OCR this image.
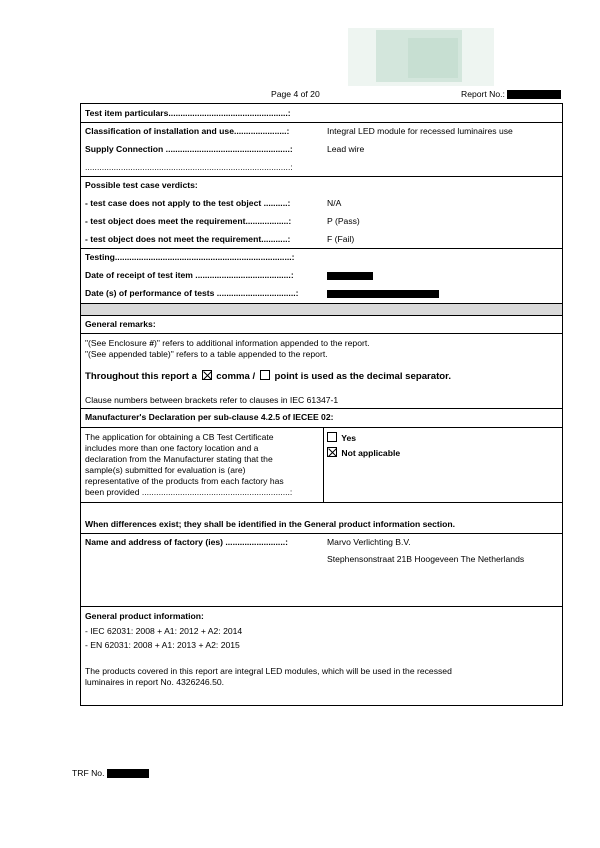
Page 4 of 20	Report No.:
Test item particulars..................................................:
Classification of installation and use......................:	Integral LED module for recessed luminaires use
Supply Connection ....................................................:	Lead wire
......................................................................................:
Possible test case verdicts:
- test case does not apply to the test object ..........:	N/A
- test object does meet the requirement..................:	P (Pass)
- test object does not meet the requirement...........:	F (Fail)
Testing..........................................................................:
Date of receipt of test item ........................................:
Date (s) of performance of tests .................................:
General remarks:
"(See Enclosure #)" refers to additional information appended to the report.
"(See appended table)" refers to a table appended to the report.
Throughout this report a comma / point is used as the decimal separator.
Clause numbers between brackets refer to clauses in IEC 61347-1
Manufacturer's Declaration per sub-clause 4.2.5 of IECEE 02:
The application for obtaining a CB Test Certificate
includes more than one factory location and a
declaration from the Manufacturer stating that the
sample(s) submitted for evaluation is (are)
representative of the products from each factory has
been provided ..............................................................:
Yes
Not applicable
When differences exist; they shall be identified in the General product information section.
Name and address of factory (ies) .........................:	Marvo Verlichting B.V.
Stephensonstraat 21B Hoogeveen The Netherlands
General product information:
- IEC 62031: 2008 + A1: 2012 + A2: 2014
- EN 62031: 2008 + A1: 2013 + A2: 2015
The products covered in this report are integral LED modules, which will be used in the recessed
luminaires in report No. 4326246.50.
TRF No.
